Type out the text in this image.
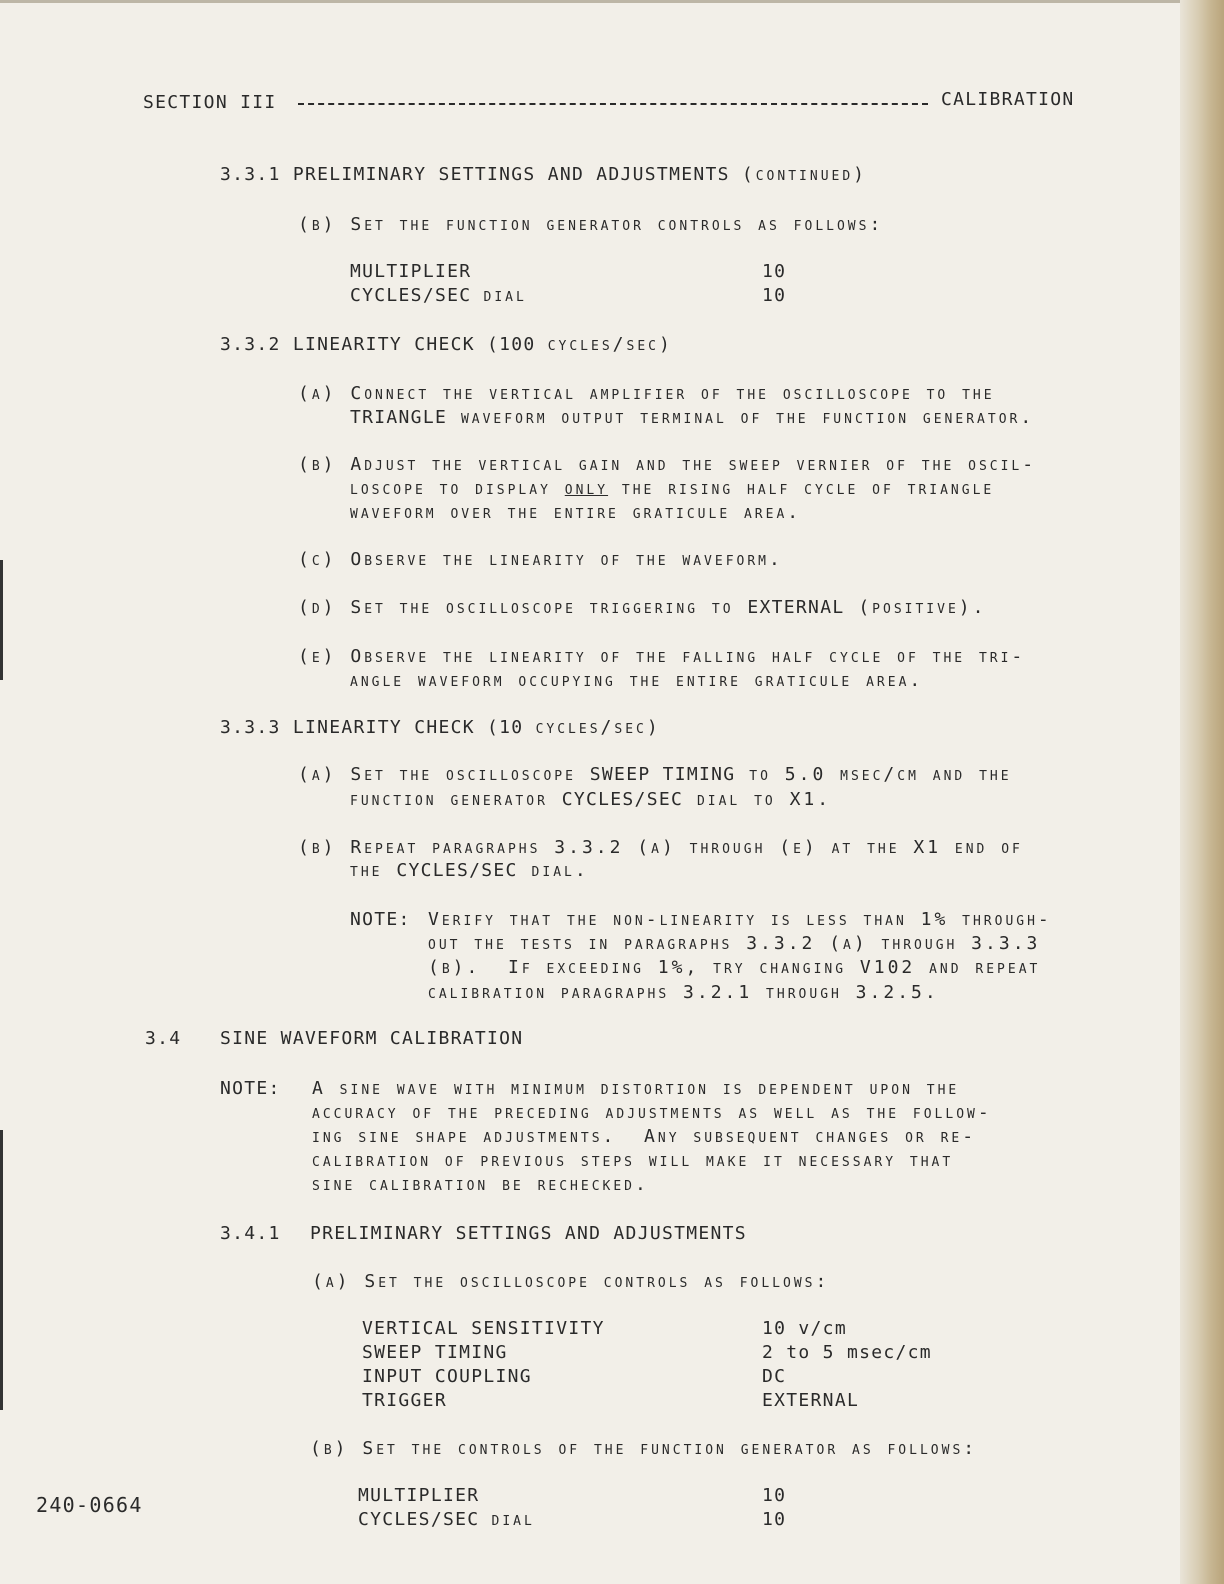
SECTION III	CALIBRATION
3.3.1 PRELIMINARY SETTINGS AND ADJUSTMENTS (continued)
(b) Set the function generator controls as follows:
MULTIPLIER	10
CYCLES/SEC dial	10
3.3.2 LINEARITY CHECK (100 cycles/sec)
(a) Connect the vertical amplifier of the oscilloscope to the
TRIANGLE waveform output terminal of the function generator.
(b) Adjust the vertical gain and the sweep vernier of the oscil-
loscope to display only the rising half cycle of triangle
waveform over the entire graticule area.
(c) Observe the linearity of the waveform.
(d) Set the oscilloscope triggering to EXTERNAL (positive).
(e) Observe the linearity of the falling half cycle of the tri-
angle waveform occupying the entire graticule area.
3.3.3 LINEARITY CHECK (10 cycles/sec)
(a) Set the oscilloscope SWEEP TIMING to 5.0 msec/cm and the
function generator CYCLES/SEC dial to X1.
(b) Repeat paragraphs 3.3.2 (a) through (e) at the X1 end of
the CYCLES/SEC dial.
NOTE: Verify that the non-linearity is less than 1% through-
out the tests in paragraphs 3.3.2 (a) through 3.3.3
(b).  If exceeding 1%, try changing V102 and repeat
calibration paragraphs 3.2.1 through 3.2.5.
3.4 SINE WAVEFORM CALIBRATION
NOTE: A sine wave with minimum distortion is dependent upon the
accuracy of the preceding adjustments as well as the follow-
ing sine shape adjustments.  Any subsequent changes or re-
calibration of previous steps will make it necessary that
sine calibration be rechecked.
3.4.1 PRELIMINARY SETTINGS AND ADJUSTMENTS
(a) Set the oscilloscope controls as follows:
VERTICAL SENSITIVITY	10 v/cm
SWEEP TIMING	2 to 5 msec/cm
INPUT COUPLING	DC
TRIGGER	EXTERNAL
(b) Set the controls of the function generator as follows:
MULTIPLIER	10
CYCLES/SEC dial	10
240-0664
